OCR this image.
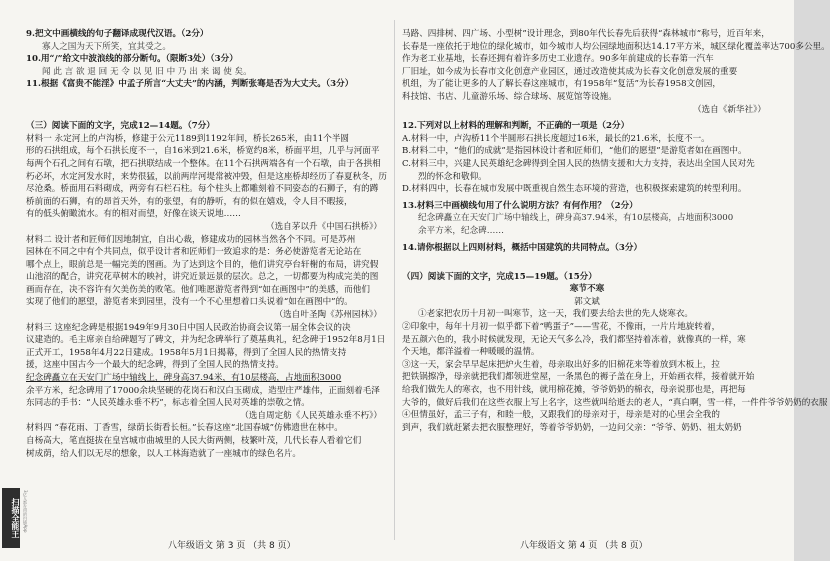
9.把文中画横线的句子翻译成现代汉语。（2分）
寡人之国为天下所笑，宜其受之。
10.用“/”给文中波浪线的部分断句。（限断3处）（3分）
闻 此 言 欲 退 回 无 令 以 见 旧 中 乃 出 来 谒 使 矣。
11.根据《富贵不能淫》中孟子所言“大丈夫”的内涵，判断张骞是否为大丈夫。（3分）
（三）阅读下面的文字，完成12—14题。（7分）
材料一 永定河上的卢沟桥，修建于公元1189到1192年间，桥长265米，由11个半圆
形的石拱组成，每个石拱长度不一，自16米到21.6米，桥宽约8米，桥面平坦，几乎与河面平
每两个石孔之间有石墩，把石拱联结成一个整体。在11个石拱两端各有一个石墩，由于各拱相
朽必坏，水定河发水时，来势很猛，以前两岸河堤常被冲毁，但是这座桥却经历了春夏秋冬，历
尽沧桑。桥面用石料砌成，两旁有石栏石柱。每个柱头上都雕刻着不同姿态的石狮子，有的蹲
桥前面的石狮，有的昂首天外，有的张望，有的静听，有的似在嬉戏，令人目不暇接，
有的低头俯瞰流水。有的相对而望，好像在谈天说地……
（选自茅以升《中国石拱桥》）
材料二 设计者和匠师们因地制宜，自出心裁，修建成功的园林当然各个不同。可是苏州
园林在不同之中有个共同点，似乎设计者和匠师们一致追求的是：务必使游览者无论站在
哪个点上，眼前总是一幅完美的图画。为了达到这个目的，他们讲究亭台轩榭的布局，讲究假
山池沼的配合，讲究花草树木的映衬，讲究近景远景的层次。总之，一切都要为构成完美的图
画而存在，决不容许有欠美伤美的败笔。他们唯愿游览者得到“如在画图中”的美感，而他们
实现了他们的愿望，游览者来到园里，没有一个不心里想着口头说着“如在画图中”的。
（选自叶圣陶《苏州园林》）
材料三 这座纪念碑是根据1949年9月30日中国人民政治协商会议第一届全体会议的决
议建造的。毛主席亲自给碑题写了碑文，并为纪念碑举行了奠基典礼，纪念碑于1952年8月1日
正式开工，1958年4月22日建成。1958年5月1日揭幕，得到了全国人民的热情支持
援，这座中国古今一个最大的纪念碑，得到了全国人民的热情支持。
纪念碑矗立在天安门广场中轴线上，碑身高37.94米，有10层楼高，占地面积3000
余平方米，纪念碑用了17000余块坚硬的花岗石和汉白玉砌成，造型庄严雄伟，正面刻着毛泽
东同志的手书：“人民英雄永垂不朽”，标志着全国人民对英雄的崇敬之情。
（选自周定舫《人民英雄永垂不朽》）
材料四 “春花雨、丁香雪，绿荫长街看长桓。”长春这座“北国春城”仿佛遗世在林中。
自杨高大，笔直挺拔在皇宫城市曲城里的人民大街两侧，枝繁叶茂，几代长春人看着它们
树成荫，给人们以无尽的想象，以人工林海造就了一座城市的绿色名片。
马路、四排树、四广场、小型树”设计理念，到80年代长春先后获得“森林城市”称号，近百年来，
长春是一座依托于地位的绿化城市，如今城市人均公园绿地面积达14.17平方米，城区绿化覆盖率达700多公里。
作为老工业基地，长春还拥有着许多历史工业遗存。90多年前建成的长春第一汽车
厂旧址，如今成为长春市文化创意产业园区，通过改造使其成为长春文化创意发展的重要
机组，为了能让更多的人了解长春这座城市，有1958年“复活”为长春1958文创园，
科技馆、书店、儿童游乐场、综合球场、展览馆等设施。
（选自《新华社》）
12.下列对以上材料的理解和判断，不正确的一项是（2分）
A.材料一中，卢沟桥11个半圆形石拱长度超过16米，最长的21.6米，长度不一。
B.材料二中，“他们的成就”是指园林设计者和匠师们，“他们的愿望”是游览者如在画图中。
C.材料三中，兴建人民英雄纪念碑得到全国人民的热情支援和大力支持，表达出全国人民对先
烈的怀念和敬仰。
D.材料四中，长春在城市发展中既重视自然生态环境的营造，也积极探索建筑的转型利用。
13.材料三中画横线句用了什么说明方法？有何作用？（2分）
纪念碑矗立在天安门广场中轴线上，碑身高37.94米，有10层楼高，占地面积3000
余平方米，纪念碑……
14.请你根据以上四则材料，概括中国建筑的共同特点。（3分）
（四）阅读下面的文字，完成15—19题。（15分）
寒节不寒
郭文斌
①老家把农历十月初一叫寒节，这一天，我们要去给去世的先人烧寒衣。
②印象中，每年十月初一似乎都下着“鸭蛋子”——雪花，不像雨，一片片地旋转着，
是五颜六色的，我小时候就发现，无论天气多么冷，我们都坚持着冻着，就像真的一样，寒
个天地，都洋溢着一种暖暖的温情。
③这一天，家会早早起床把炉火生着，母亲取出好多的旧棉花来等着放到木板上，拉
把铁锅擦净，母亲就把我们都领进堂屋，一条黑色的褥子盖在身上，开始画衣样，接着就开始
给我们做先人的寒衣，也不用针线，就用棉花摊，爷爷奶奶的棉衣，母亲说那也是，再把每
大爷的，做好后我们在这些衣服上写上名字，这些就叫给逝去的老人，“真白啊，雪一样，一件件爷爷奶奶的衣服
④但情虽好，孟三子有，和睦一般，又跟我们的母亲对于，母亲是对的心里会全我的
到声，我们就赶紧去把衣服整理好，等着爷爷奶奶，一边问父亲：“爷爷、奶奶、祖太奶奶
八年级语文 第 3 页 （共 8 页）	八年级语文 第 4 页 （共 8 页）
扫描全能王 3亿人都在用的扫描App
